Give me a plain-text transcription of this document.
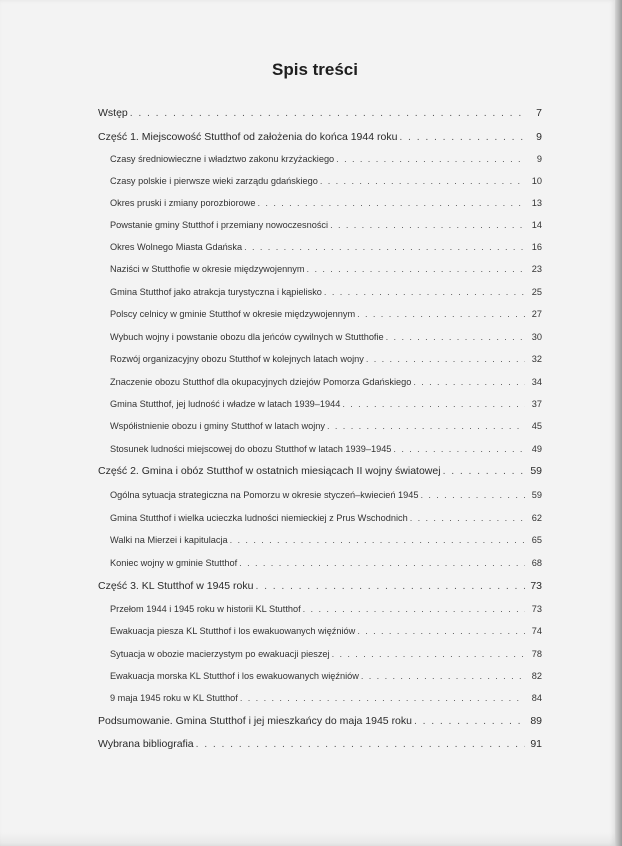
Spis treści
Wstęp . . .	7
Część 1. Miejscowość Stutthof od założenia do końca 1944 roku . . .	9
Czasy średniowieczne i władztwo zakonu krzyżackiego . . .	9
Czasy polskie i pierwsze wieki zarządu gdańskiego . . .	10
Okres pruski i zmiany porozbiorowe . . .	13
Powstanie gminy Stutthof i przemiany nowoczesności . . .	14
Okres Wolnego Miasta Gdańska . . .	16
Naziści w Stutthofie w okresie międzywojennym . . .	23
Gmina Stutthof jako atrakcja turystyczna i kąpielisko . . .	25
Polscy celnicy w gminie Stutthof w okresie międzywojennym . . .	27
Wybuch wojny i powstanie obozu dla jeńców cywilnych w Stutthofie . . .	30
Rozwój organizacyjny obozu Stutthof w kolejnych latach wojny . . .	32
Znaczenie obozu Stutthof dla okupacyjnych dziejów Pomorza Gdańskiego . . .	34
Gmina Stutthof, jej ludność i władze w latach 1939–1944 . . .	37
Współistnienie obozu i gminy Stutthof w latach wojny . . .	45
Stosunek ludności miejscowej do obozu Stutthof w latach 1939–1945 . . .	49
Część 2. Gmina i obóz Stutthof w ostatnich miesiącach II wojny światowej . . .	59
Ogólna sytuacja strategiczna na Pomorzu w okresie styczeń–kwiecień 1945 . . .	59
Gmina Stutthof i wielka ucieczka ludności niemieckiej z Prus Wschodnich . . .	62
Walki na Mierzei i kapitulacja . . .	65
Koniec wojny w gminie Stutthof . . .	68
Część 3. KL Stutthof w 1945 roku . . .	73
Przełom 1944 i 1945 roku w historii KL Stutthof . . .	73
Ewakuacja piesza KL Stutthof i los ewakuowanych więźniów . . .	74
Sytuacja w obozie macierzystym po ewakuacji pieszej . . .	78
Ewakuacja morska KL Stutthof i los ewakuowanych więźniów . . .	82
9 maja 1945 roku w KL Stutthof . . .	84
Podsumowanie. Gmina Stutthof i jej mieszkańcy do maja 1945 roku . . .	89
Wybrana bibliografia . . .	91
